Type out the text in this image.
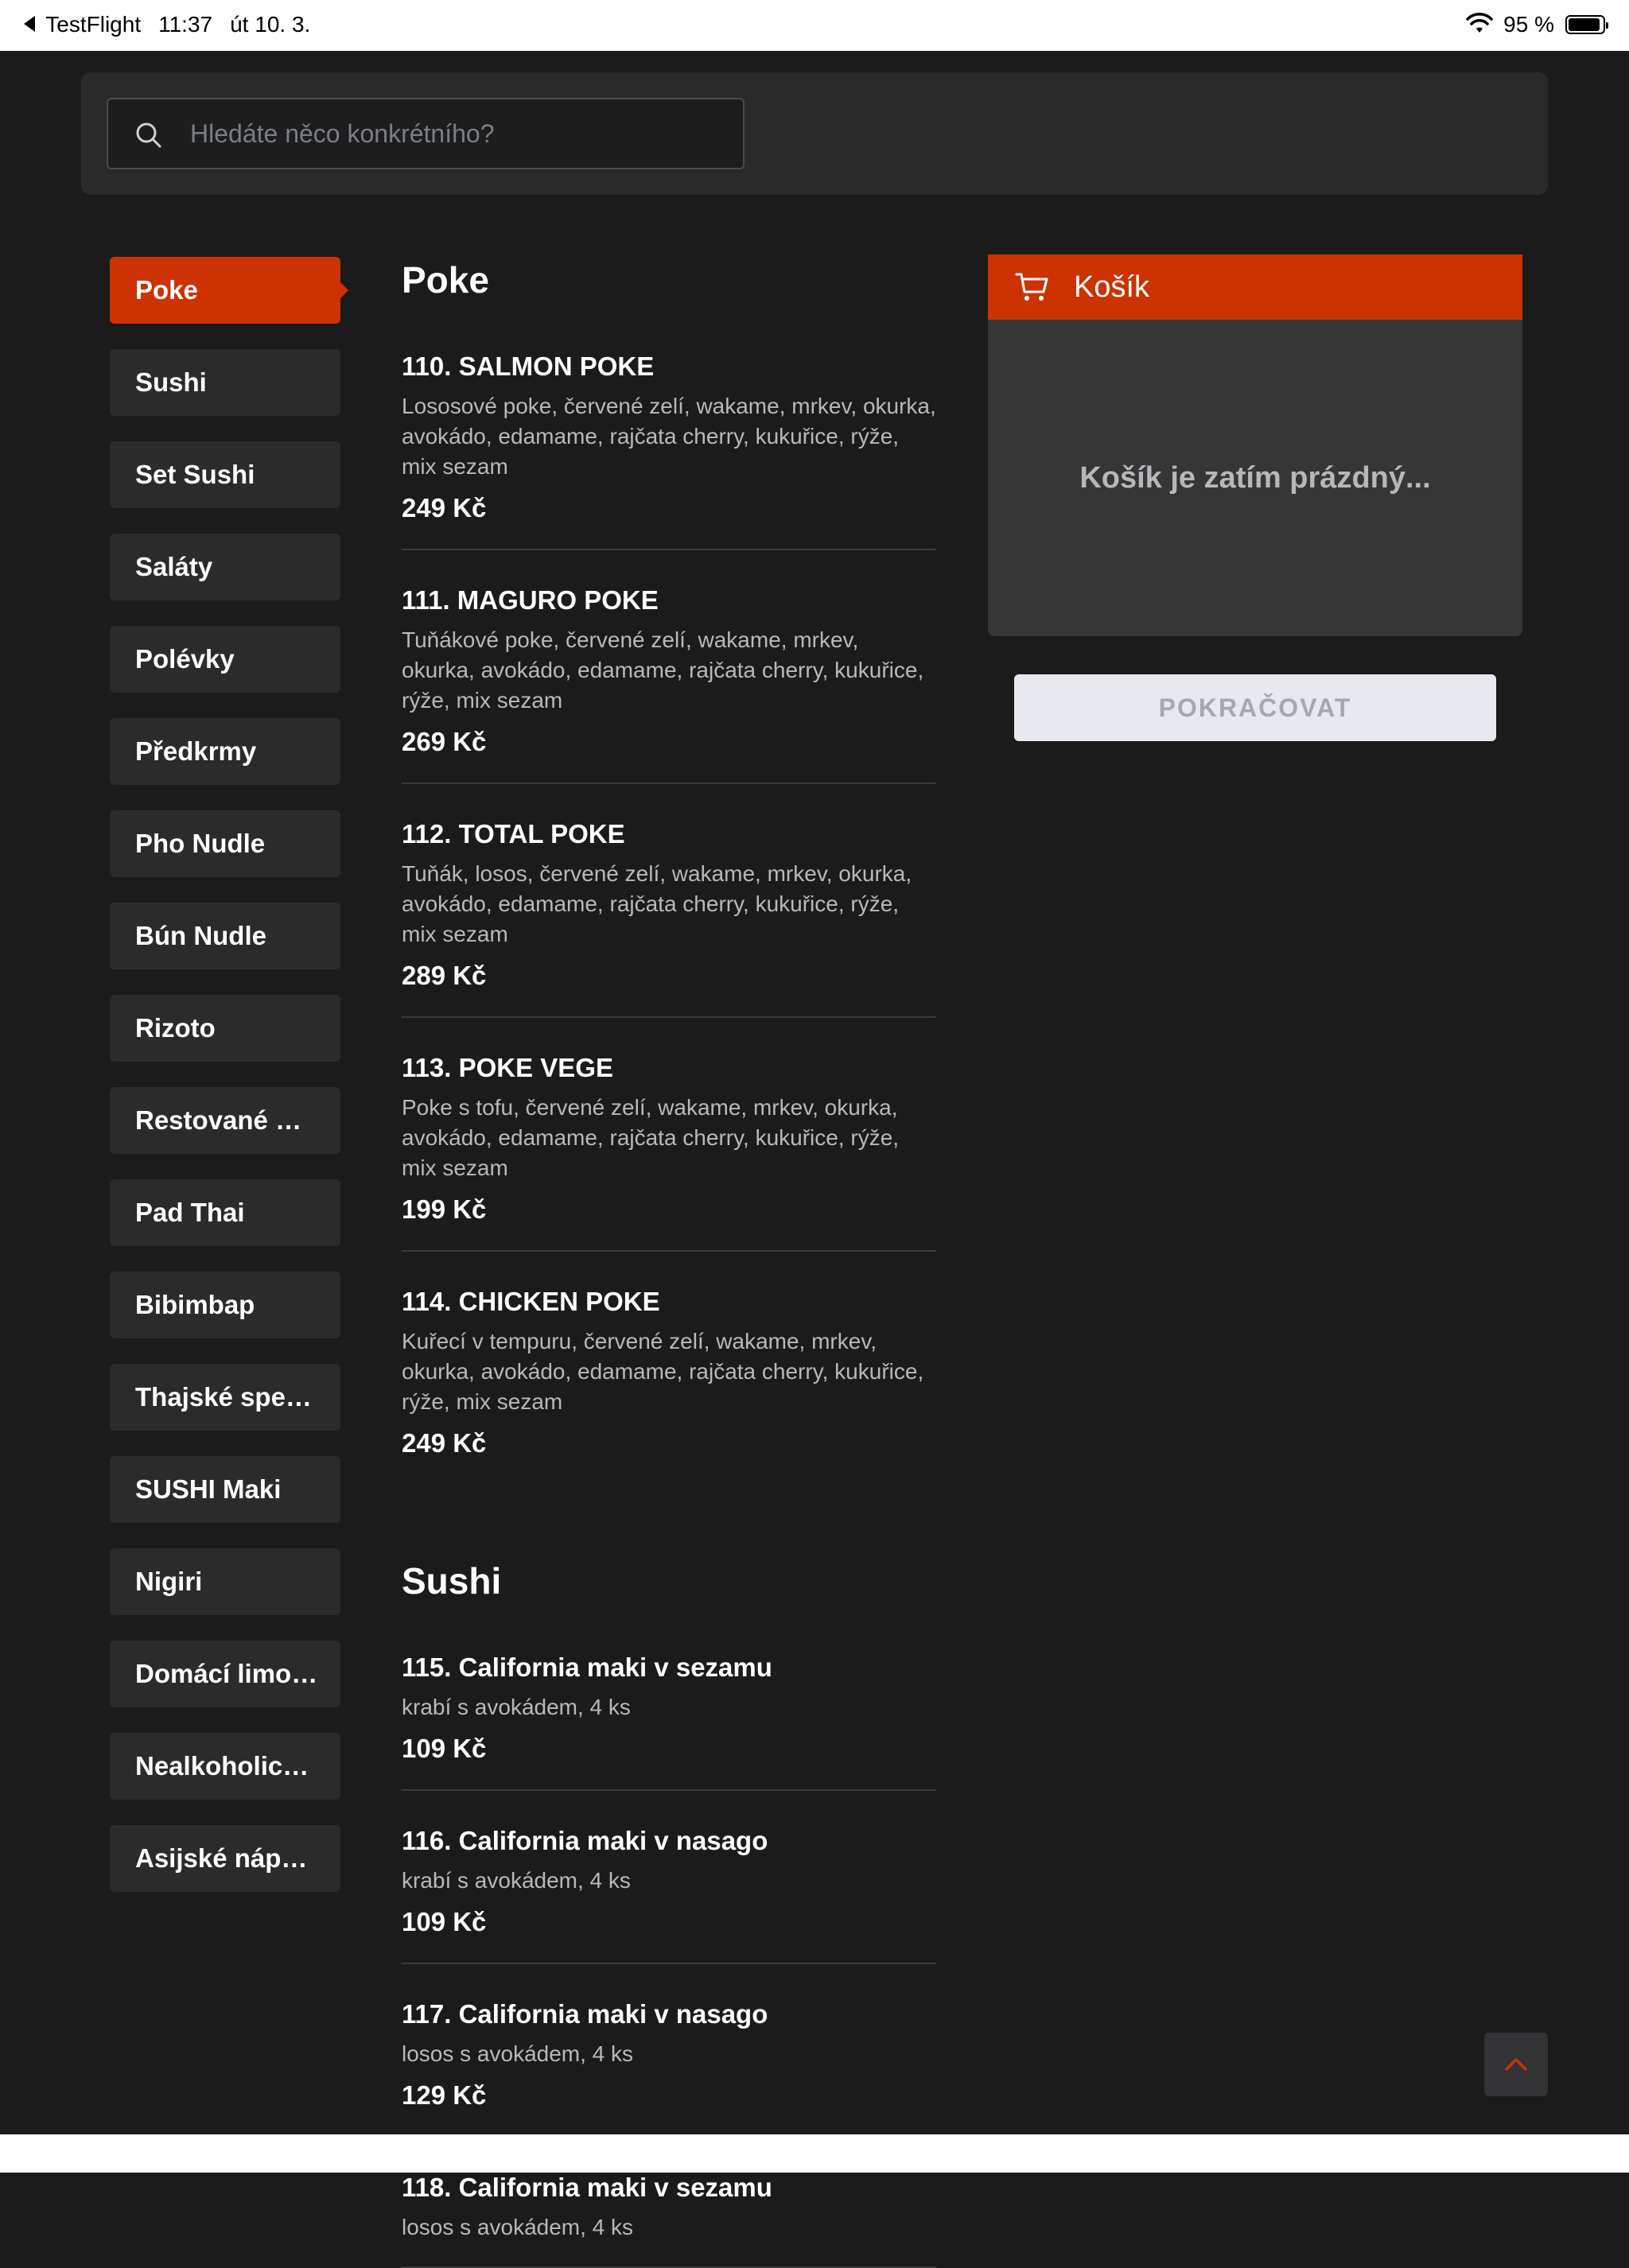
TestFlight 11:37 út 10. 3.	95 %
Hledáte něco konkrétního?
Poke
Sushi
Set Sushi
Saláty
Polévky
Předkrmy
Pho Nudle
Bún Nudle
Rizoto
Restované …
Pad Thai
Bibimbap
Thajské spe…
SUSHI Maki
Nigiri
Domácí limo…
Nealkoholic…
Asijské náp…
Poke
110. SALMON POKE
Lososové poke, červené zelí, wakame, mrkev, okurka, avokádo, edamame, rajčata cherry, kukuřice, rýže, mix sezam
249 Kč
111. MAGURO POKE
Tuňákové poke, červené zelí, wakame, mrkev, okurka, avokádo, edamame, rajčata cherry, kukuřice, rýže, mix sezam
269 Kč
112. TOTAL POKE
Tuňák, losos, červené zelí, wakame, mrkev, okurka, avokádo, edamame, rajčata cherry, kukuřice, rýže, mix sezam
289 Kč
113. POKE VEGE
Poke s tofu, červené zelí, wakame, mrkev, okurka, avokádo, edamame, rajčata cherry, kukuřice, rýže, mix sezam
199 Kč
114. CHICKEN POKE
Kuřecí v tempuru, červené zelí, wakame, mrkev, okurka, avokádo, edamame, rajčata cherry, kukuřice, rýže, mix sezam
249 Kč
Sushi
115. California maki v sezamu
krabí s avokádem, 4 ks
109 Kč
116. California maki v nasago
krabí s avokádem, 4 ks
109 Kč
117. California maki v nasago
losos s avokádem, 4 ks
129 Kč
118. California maki v sezamu
losos s avokádem, 4 ks
Košík
Košík je zatím prázdný...
POKRAČOVAT
